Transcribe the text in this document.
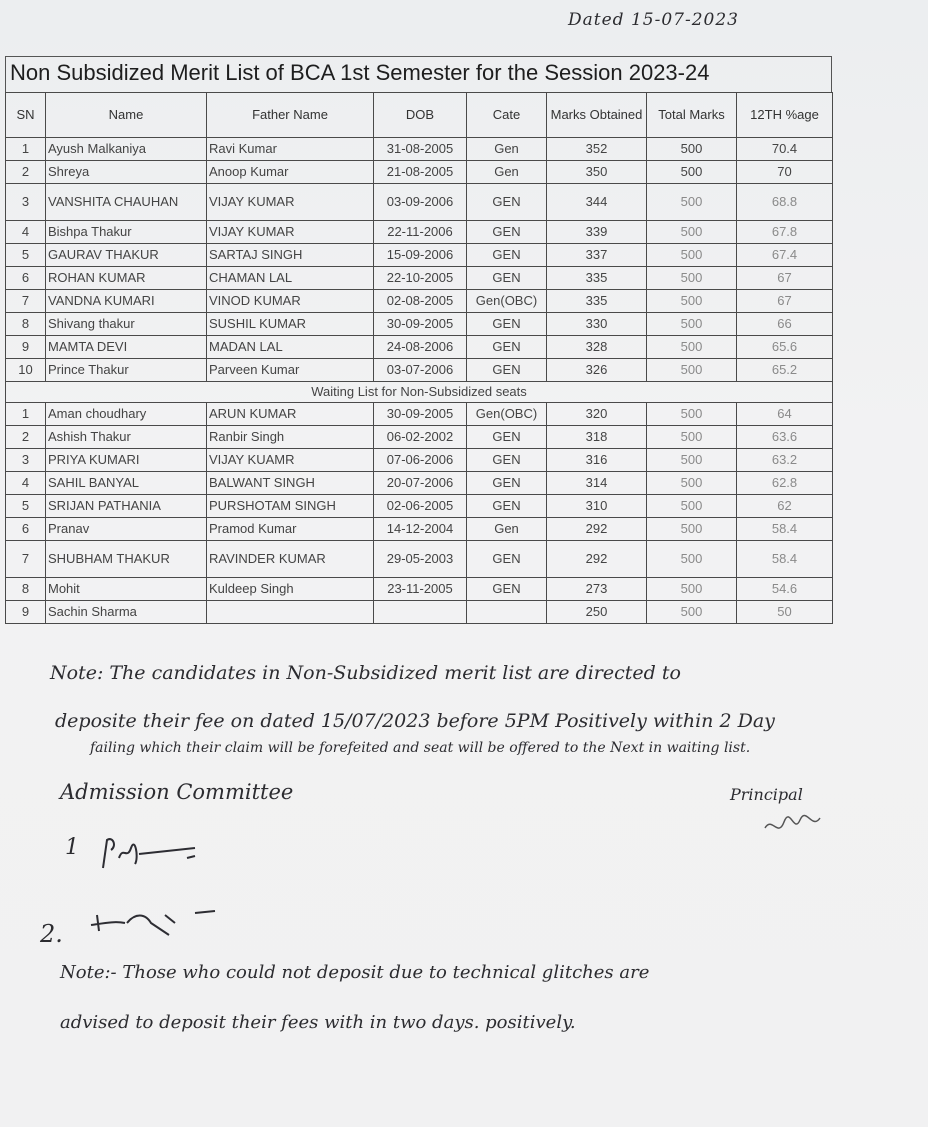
Dated 15-07-2023
Non Subsidized Merit List of BCA 1st Semester for the Session 2023-24
SN	Name	Father Name	DOB	Cate	Marks Obtained	Total Marks	12TH %age
1	Ayush Malkaniya	Ravi Kumar	31-08-2005	Gen	352	500	70.4
2	Shreya	Anoop Kumar	21-08-2005	Gen	350	500	70
3	VANSHITA CHAUHAN	VIJAY KUMAR	03-09-2006	GEN	344	500	68.8
4	Bishpa Thakur	VIJAY KUMAR	22-11-2006	GEN	339	500	67.8
5	GAURAV THAKUR	SARTAJ SINGH	15-09-2006	GEN	337	500	67.4
6	ROHAN KUMAR	CHAMAN LAL	22-10-2005	GEN	335	500	67
7	VANDNA KUMARI	VINOD KUMAR	02-08-2005	Gen(OBC)	335	500	67
8	Shivang thakur	SUSHIL KUMAR	30-09-2005	GEN	330	500	66
9	MAMTA DEVI	MADAN LAL	24-08-2006	GEN	328	500	65.6
10	Prince Thakur	Parveen Kumar	03-07-2006	GEN	326	500	65.2
Waiting List for Non-Subsidized seats							
1	Aman choudhary	ARUN KUMAR	30-09-2005	Gen(OBC)	320	500	64
2	Ashish Thakur	Ranbir Singh	06-02-2002	GEN	318	500	63.6
3	PRIYA KUMARI	VIJAY KUAMR	07-06-2006	GEN	316	500	63.2
4	SAHIL BANYAL	BALWANT SINGH	20-07-2006	GEN	314	500	62.8
5	SRIJAN PATHANIA	PURSHOTAM SINGH	02-06-2005	GEN	310	500	62
6	Pranav	Pramod Kumar	14-12-2004	Gen	292	500	58.4
7	SHUBHAM THAKUR	RAVINDER KUMAR	29-05-2003	GEN	292	500	58.4
8	Mohit	Kuldeep Singh	23-11-2005	GEN	273	500	54.6
9	Sachin Sharma				250	500	50
Note: The candidates in Non-Subsidized merit list are directed to
deposite their fee on dated 15/07/2023 before 5PM Positively within 2 Day
failing which their claim will be forefeited and seat will be offered to the Next in waiting list.
Admission Committee	Principal
1
2.
Note:- Those who could not deposit due to technical glitches are
advised to deposit their fees with in two days. positively.
